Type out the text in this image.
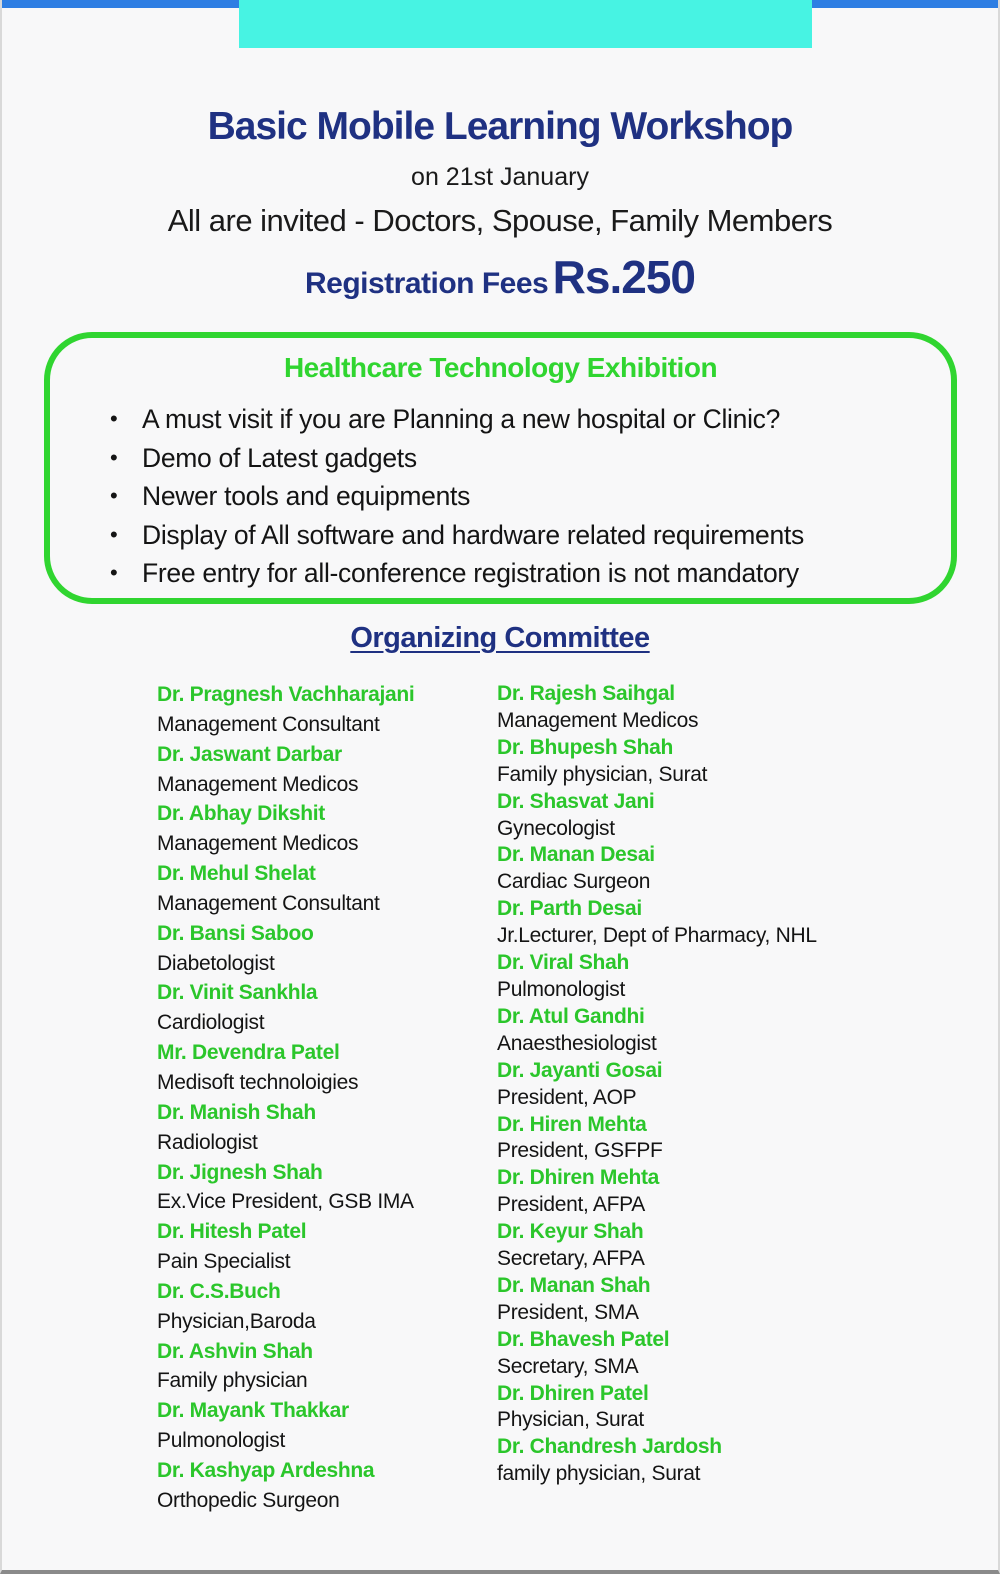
Basic Mobile Learning Workshop
on 21st January
All are invited - Doctors, Spouse, Family Members
Registration Fees Rs.250
Healthcare Technology Exhibition
• A must visit if you are Planning a new hospital or Clinic?
• Demo of Latest gadgets
• Newer tools and equipments
• Display of All software and hardware related requirements
• Free entry for all-conference registration is not mandatory
Organizing Committee
Dr. Pragnesh Vachharajani
Management Consultant
Dr. Jaswant Darbar
Management Medicos
Dr. Abhay Dikshit
Management Medicos
Dr. Mehul Shelat
Management Consultant
Dr. Bansi Saboo
Diabetologist
Dr. Vinit Sankhla
Cardiologist
Mr. Devendra Patel
Medisoft technoloigies
Dr. Manish Shah
Radiologist
Dr. Jignesh Shah
Ex.Vice President, GSB IMA
Dr. Hitesh Patel
Pain Specialist
Dr. C.S.Buch
Physician,Baroda
Dr. Ashvin Shah
Family physician
Dr. Mayank Thakkar
Pulmonologist
Dr. Kashyap Ardeshna
Orthopedic Surgeon
Dr. Rajesh Saihgal
Management Medicos
Dr. Bhupesh Shah
Family physician, Surat
Dr. Shasvat Jani
Gynecologist
Dr. Manan Desai
Cardiac Surgeon
Dr. Parth Desai
Jr.Lecturer, Dept of Pharmacy, NHL
Dr. Viral Shah
Pulmonologist
Dr. Atul Gandhi
Anaesthesiologist
Dr. Jayanti Gosai
President, AOP
Dr. Hiren Mehta
President, GSFPF
Dr. Dhiren Mehta
President, AFPA
Dr. Keyur Shah
Secretary, AFPA
Dr. Manan Shah
President, SMA
Dr. Bhavesh Patel
Secretary, SMA
Dr. Dhiren Patel
Physician, Surat
Dr. Chandresh Jardosh
family physician, Surat
